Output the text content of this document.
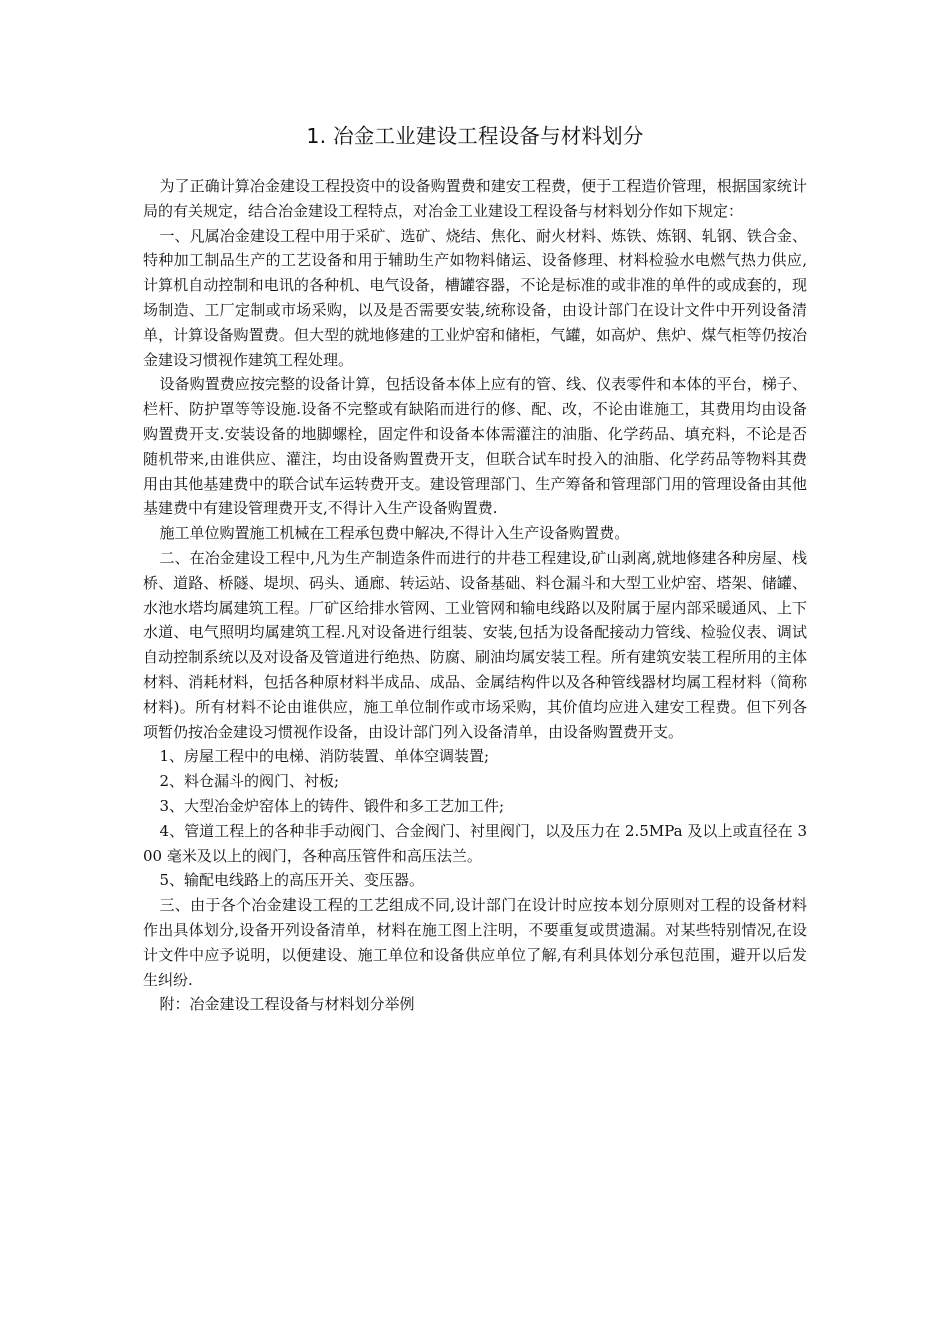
1. 冶金工业建设工程设备与材料划分

为了正确计算冶金建设工程投资中的设备购置费和建安工程费，便于工程造价管理，根据国家统计局的有关规定，结合冶金建设工程特点，对冶金工业建设工程设备与材料划分作如下规定：

一、凡属冶金建设工程中用于采矿、选矿、烧结、焦化、耐火材料、炼铁、炼钢、轧钢、铁合金、特种加工制品生产的工艺设备和用于辅助生产如物料储运、设备修理、材料检验水电燃气热力供应,计算机自动控制和电讯的各种机、电气设备，槽罐容器，不论是标准的或非准的单件的或成套的，现场制造、工厂定制或市场采购，以及是否需要安装,统称设备，由设计部门在设计文件中开列设备清单，计算设备购置费。但大型的就地修建的工业炉窑和储柜，气罐，如高炉、焦炉、煤气柜等仍按冶金建设习惯视作建筑工程处理。

设备购置费应按完整的设备计算，包括设备本体上应有的管、线、仪表零件和本体的平台，梯子、栏杆、防护罩等等设施.设备不完整或有缺陷而进行的修、配、改，不论由谁施工，其费用均由设备购置费开支.安装设备的地脚螺栓，固定件和设备本体需灌注的油脂、化学药品、填充料，不论是否随机带来,由谁供应、灌注，均由设备购置费开支，但联合试车时投入的油脂、化学药品等物料其费用由其他基建费中的联合试车运转费开支。建设管理部门、生产筹备和管理部门用的管理设备由其他基建费中有建设管理费开支,不得计入生产设备购置费.

施工单位购置施工机械在工程承包费中解决,不得计入生产设备购置费。

二、在冶金建设工程中,凡为生产制造条件而进行的井巷工程建设,矿山剥离,就地修建各种房屋、栈桥、道路、桥隧、堤坝、码头、通廊、转运站、设备基础、料仓漏斗和大型工业炉窑、塔架、储罐、水池水塔均属建筑工程。厂矿区给排水管网、工业管网和输电线路以及附属于屋内部采暖通风、上下水道、电气照明均属建筑工程.凡对设备进行组装、安装,包括为设备配接动力管线、检验仪表、调试自动控制系统以及对设备及管道进行绝热、防腐、刷油均属安装工程。所有建筑安装工程所用的主体材料、消耗材料，包括各种原材料半成品、成品、金属结构件以及各种管线器材均属工程材料（简称材料)。所有材料不论由谁供应，施工单位制作或市场采购，其价值均应进入建安工程费。但下列各项暂仍按冶金建设习惯视作设备，由设计部门列入设备清单，由设备购置费开支。

1、房屋工程中的电梯、消防装置、单体空调装置;

2、料仓漏斗的阀门、衬板;

3、大型冶金炉窑体上的铸件、锻件和多工艺加工件;

4、管道工程上的各种非手动阀门、合金阀门、衬里阀门，以及压力在 2.5MPa 及以上或直径在 300 毫米及以上的阀门，各种高压管件和高压法兰。

5、输配电线路上的高压开关、变压器。

三、由于各个冶金建设工程的工艺组成不同,设计部门在设计时应按本划分原则对工程的设备材料作出具体划分,设备开列设备清单，材料在施工图上注明，不要重复或贯遗漏。对某些特别情况,在设计文件中应予说明，以便建设、施工单位和设备供应单位了解,有利具体划分承包范围，避开以后发生纠纷.

附：冶金建设工程设备与材料划分举例
